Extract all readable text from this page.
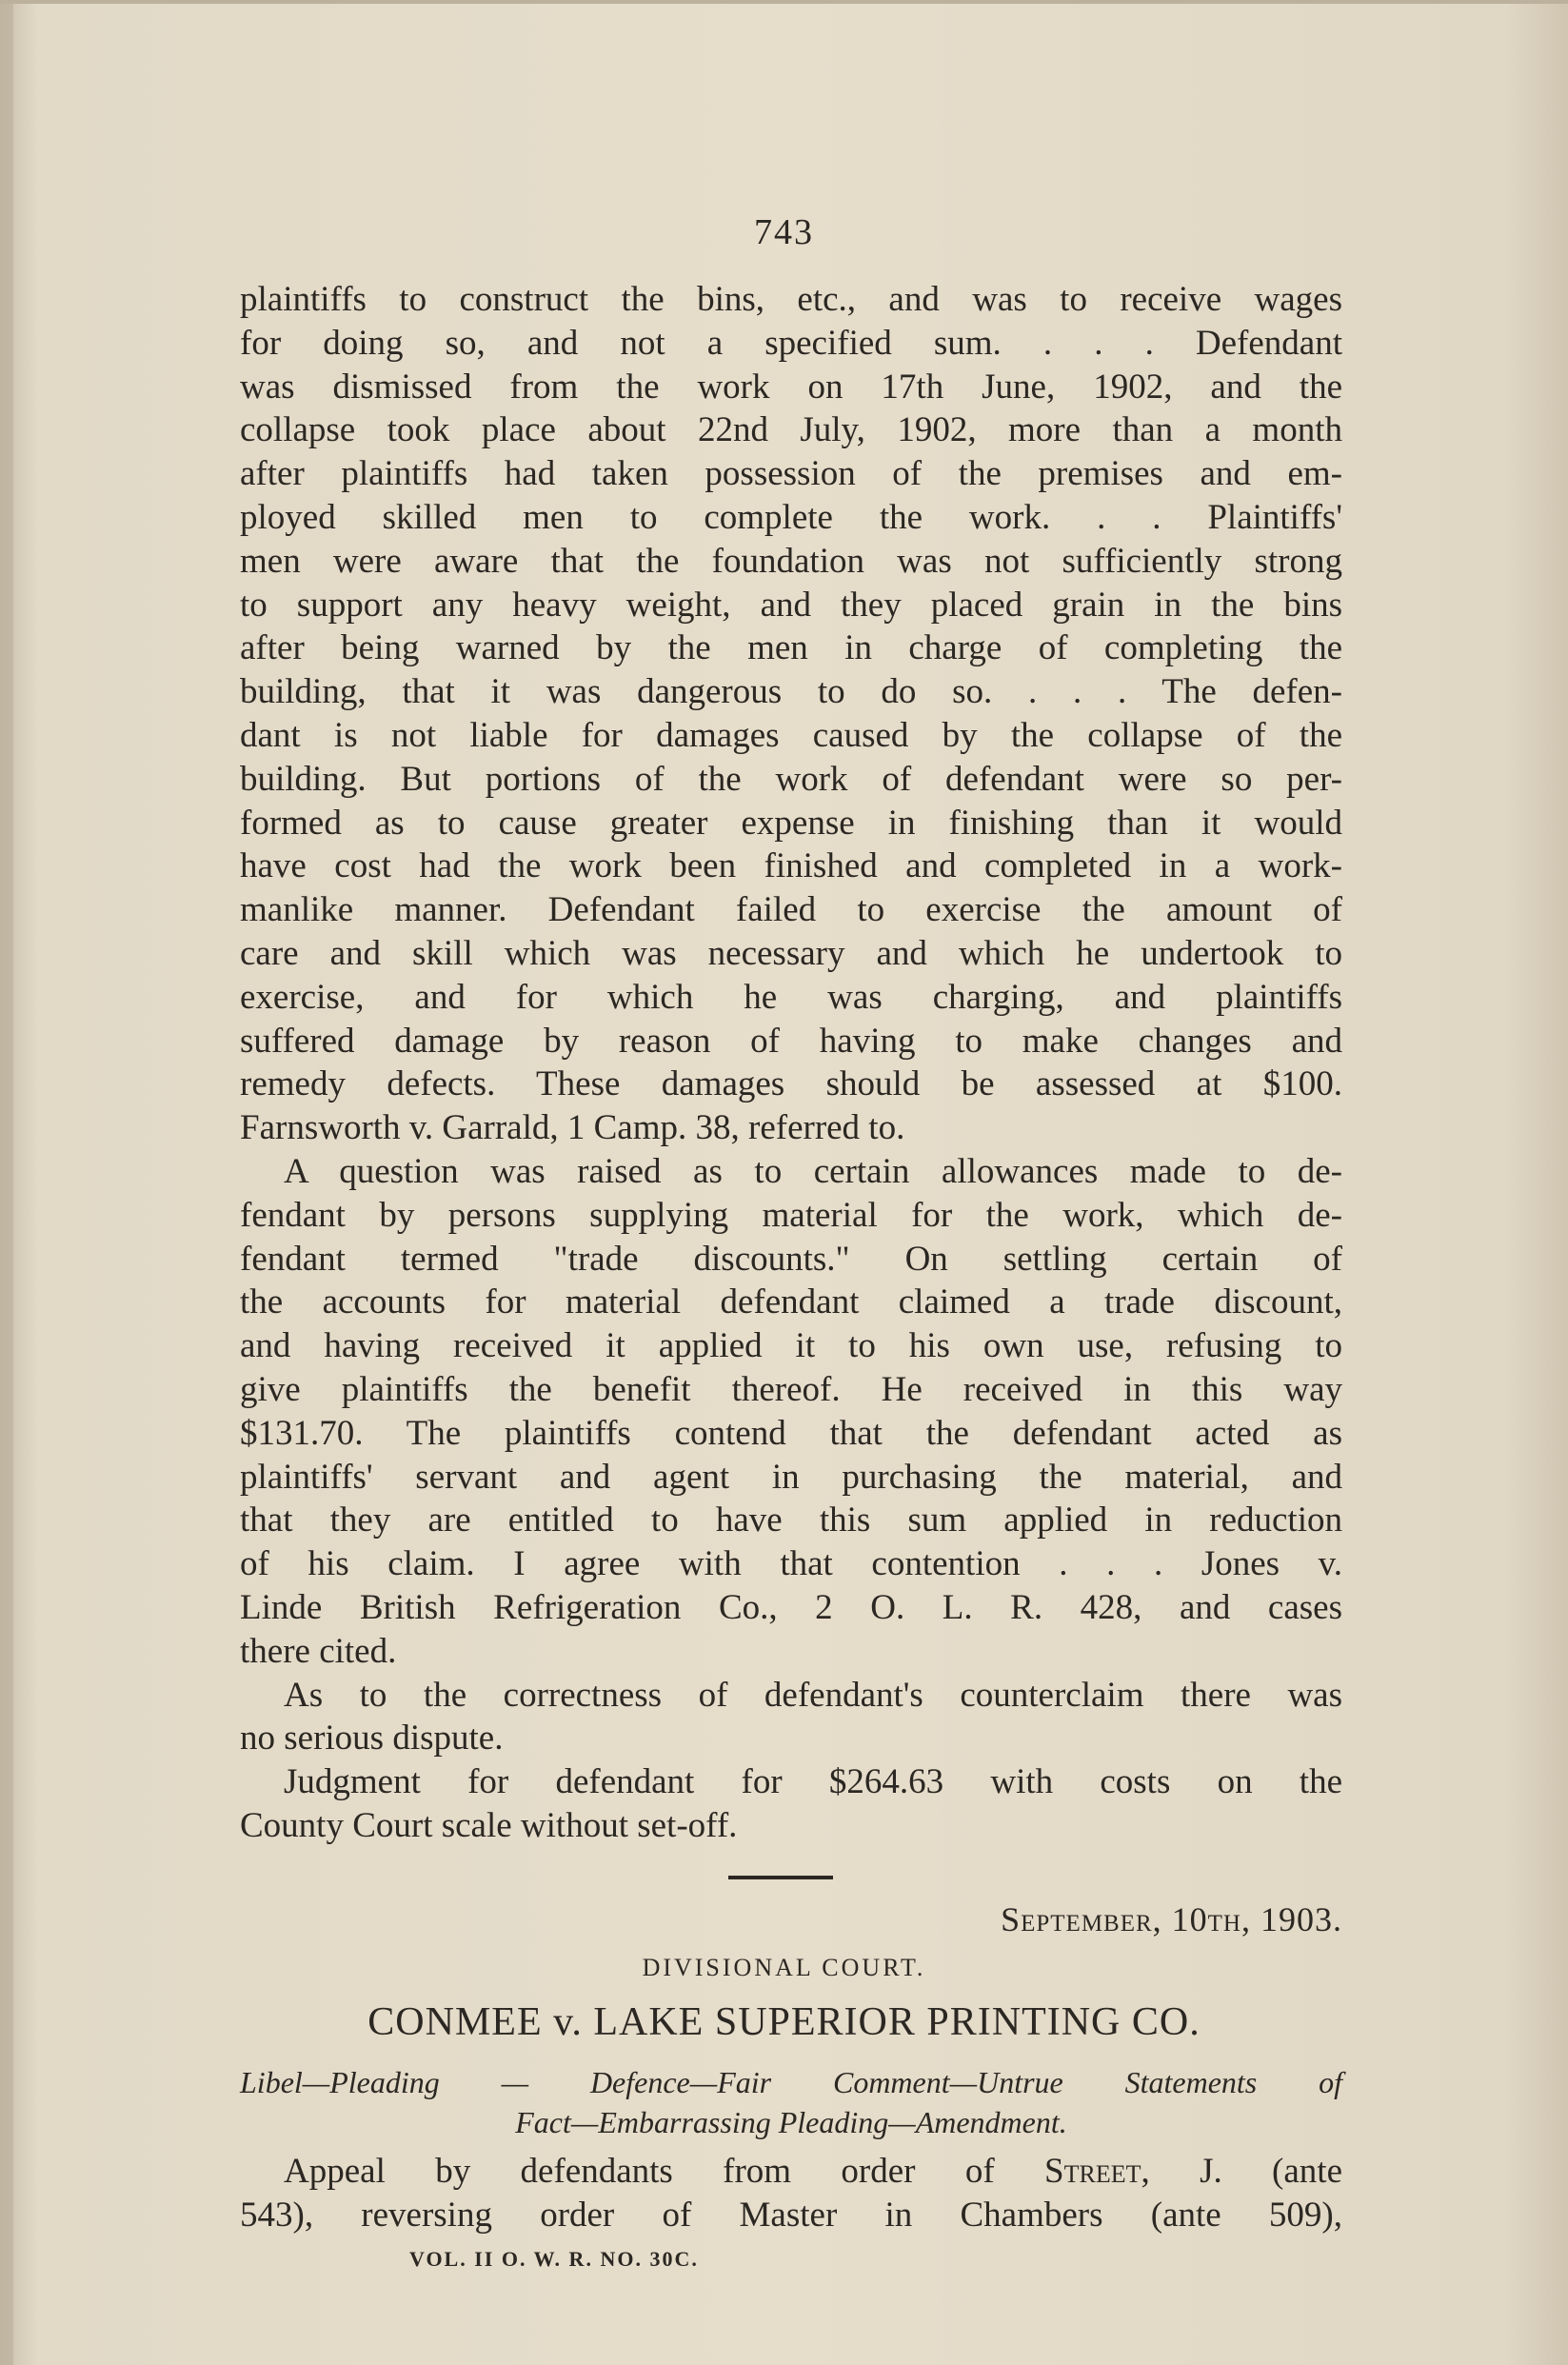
743
plaintiffs to construct the bins, etc., and was to receive wages
for doing so, and not a specified sum. . . . Defendant
was dismissed from the work on 17th June, 1902, and the
collapse took place about 22nd July, 1902, more than a month
after plaintiffs had taken possession of the premises and em-
ployed skilled men to complete the work. . . Plaintiffs'
men were aware that the foundation was not sufficiently strong
to support any heavy weight, and they placed grain in the bins
after being warned by the men in charge of completing the
building, that it was dangerous to do so. . . . The defen-
dant is not liable for damages caused by the collapse of the
building. But portions of the work of defendant were so per-
formed as to cause greater expense in finishing than it would
have cost had the work been finished and completed in a work-
manlike manner. Defendant failed to exercise the amount of
care and skill which was necessary and which he undertook to
exercise, and for which he was charging, and plaintiffs
suffered damage by reason of having to make changes and
remedy defects. These damages should be assessed at $100.
Farnsworth v. Garrald, 1 Camp. 38, referred to.
A question was raised as to certain allowances made to de-
fendant by persons supplying material for the work, which de-
fendant termed "trade discounts." On settling certain of
the accounts for material defendant claimed a trade discount,
and having received it applied it to his own use, refusing to
give plaintiffs the benefit thereof. He received in this way
$131.70. The plaintiffs contend that the defendant acted as
plaintiffs' servant and agent in purchasing the material, and
that they are entitled to have this sum applied in reduction
of his claim. I agree with that contention . . . Jones v.
Linde British Refrigeration Co., 2 O. L. R. 428, and cases
there cited.
As to the correctness of defendant's counterclaim there was
no serious dispute.
Judgment for defendant for $264.63 with costs on the
County Court scale without set-off.
September, 10th, 1903.
DIVISIONAL COURT.
CONMEE v. LAKE SUPERIOR PRINTING CO.
Libel—Pleading — Defence—Fair Comment—Untrue Statements of
Fact—Embarrassing Pleading—Amendment.
Appeal by defendants from order of Street, J. (ante
543), reversing order of Master in Chambers (ante 509),
VOL. II O. W. R. NO. 30C.
